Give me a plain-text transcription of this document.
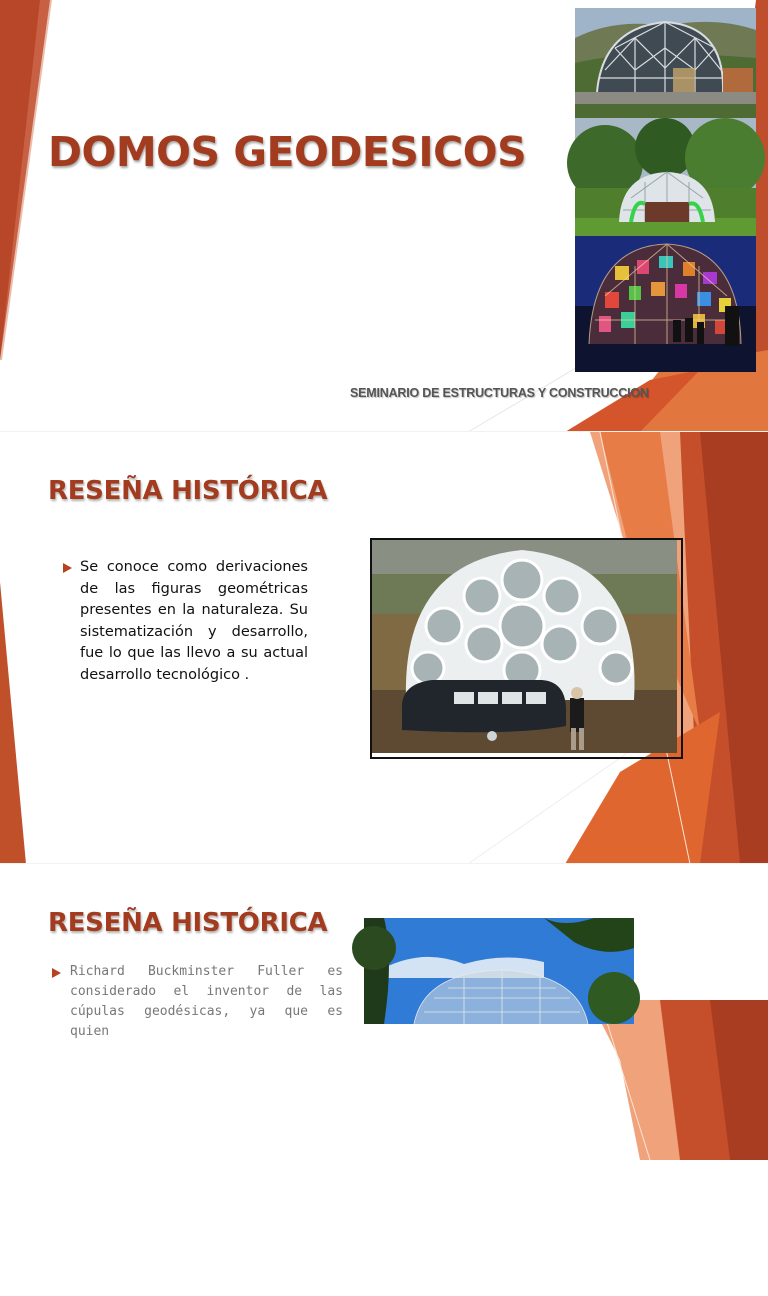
DOMOS GEODESICOS

SEMINARIO DE ESTRUCTURAS Y CONSTRUCCION

RESEÑA HISTÓRICA

Se conoce como derivaciones de las figuras geométricas presentes en la naturaleza. Su sistematización y desarrollo, fue lo que las llevo a su actual desarrollo tecnológico .

RESEÑA HISTÓRICA

Richard Buckminster Fuller es considerado el inventor de las cúpulas geodésicas, ya que es quien
